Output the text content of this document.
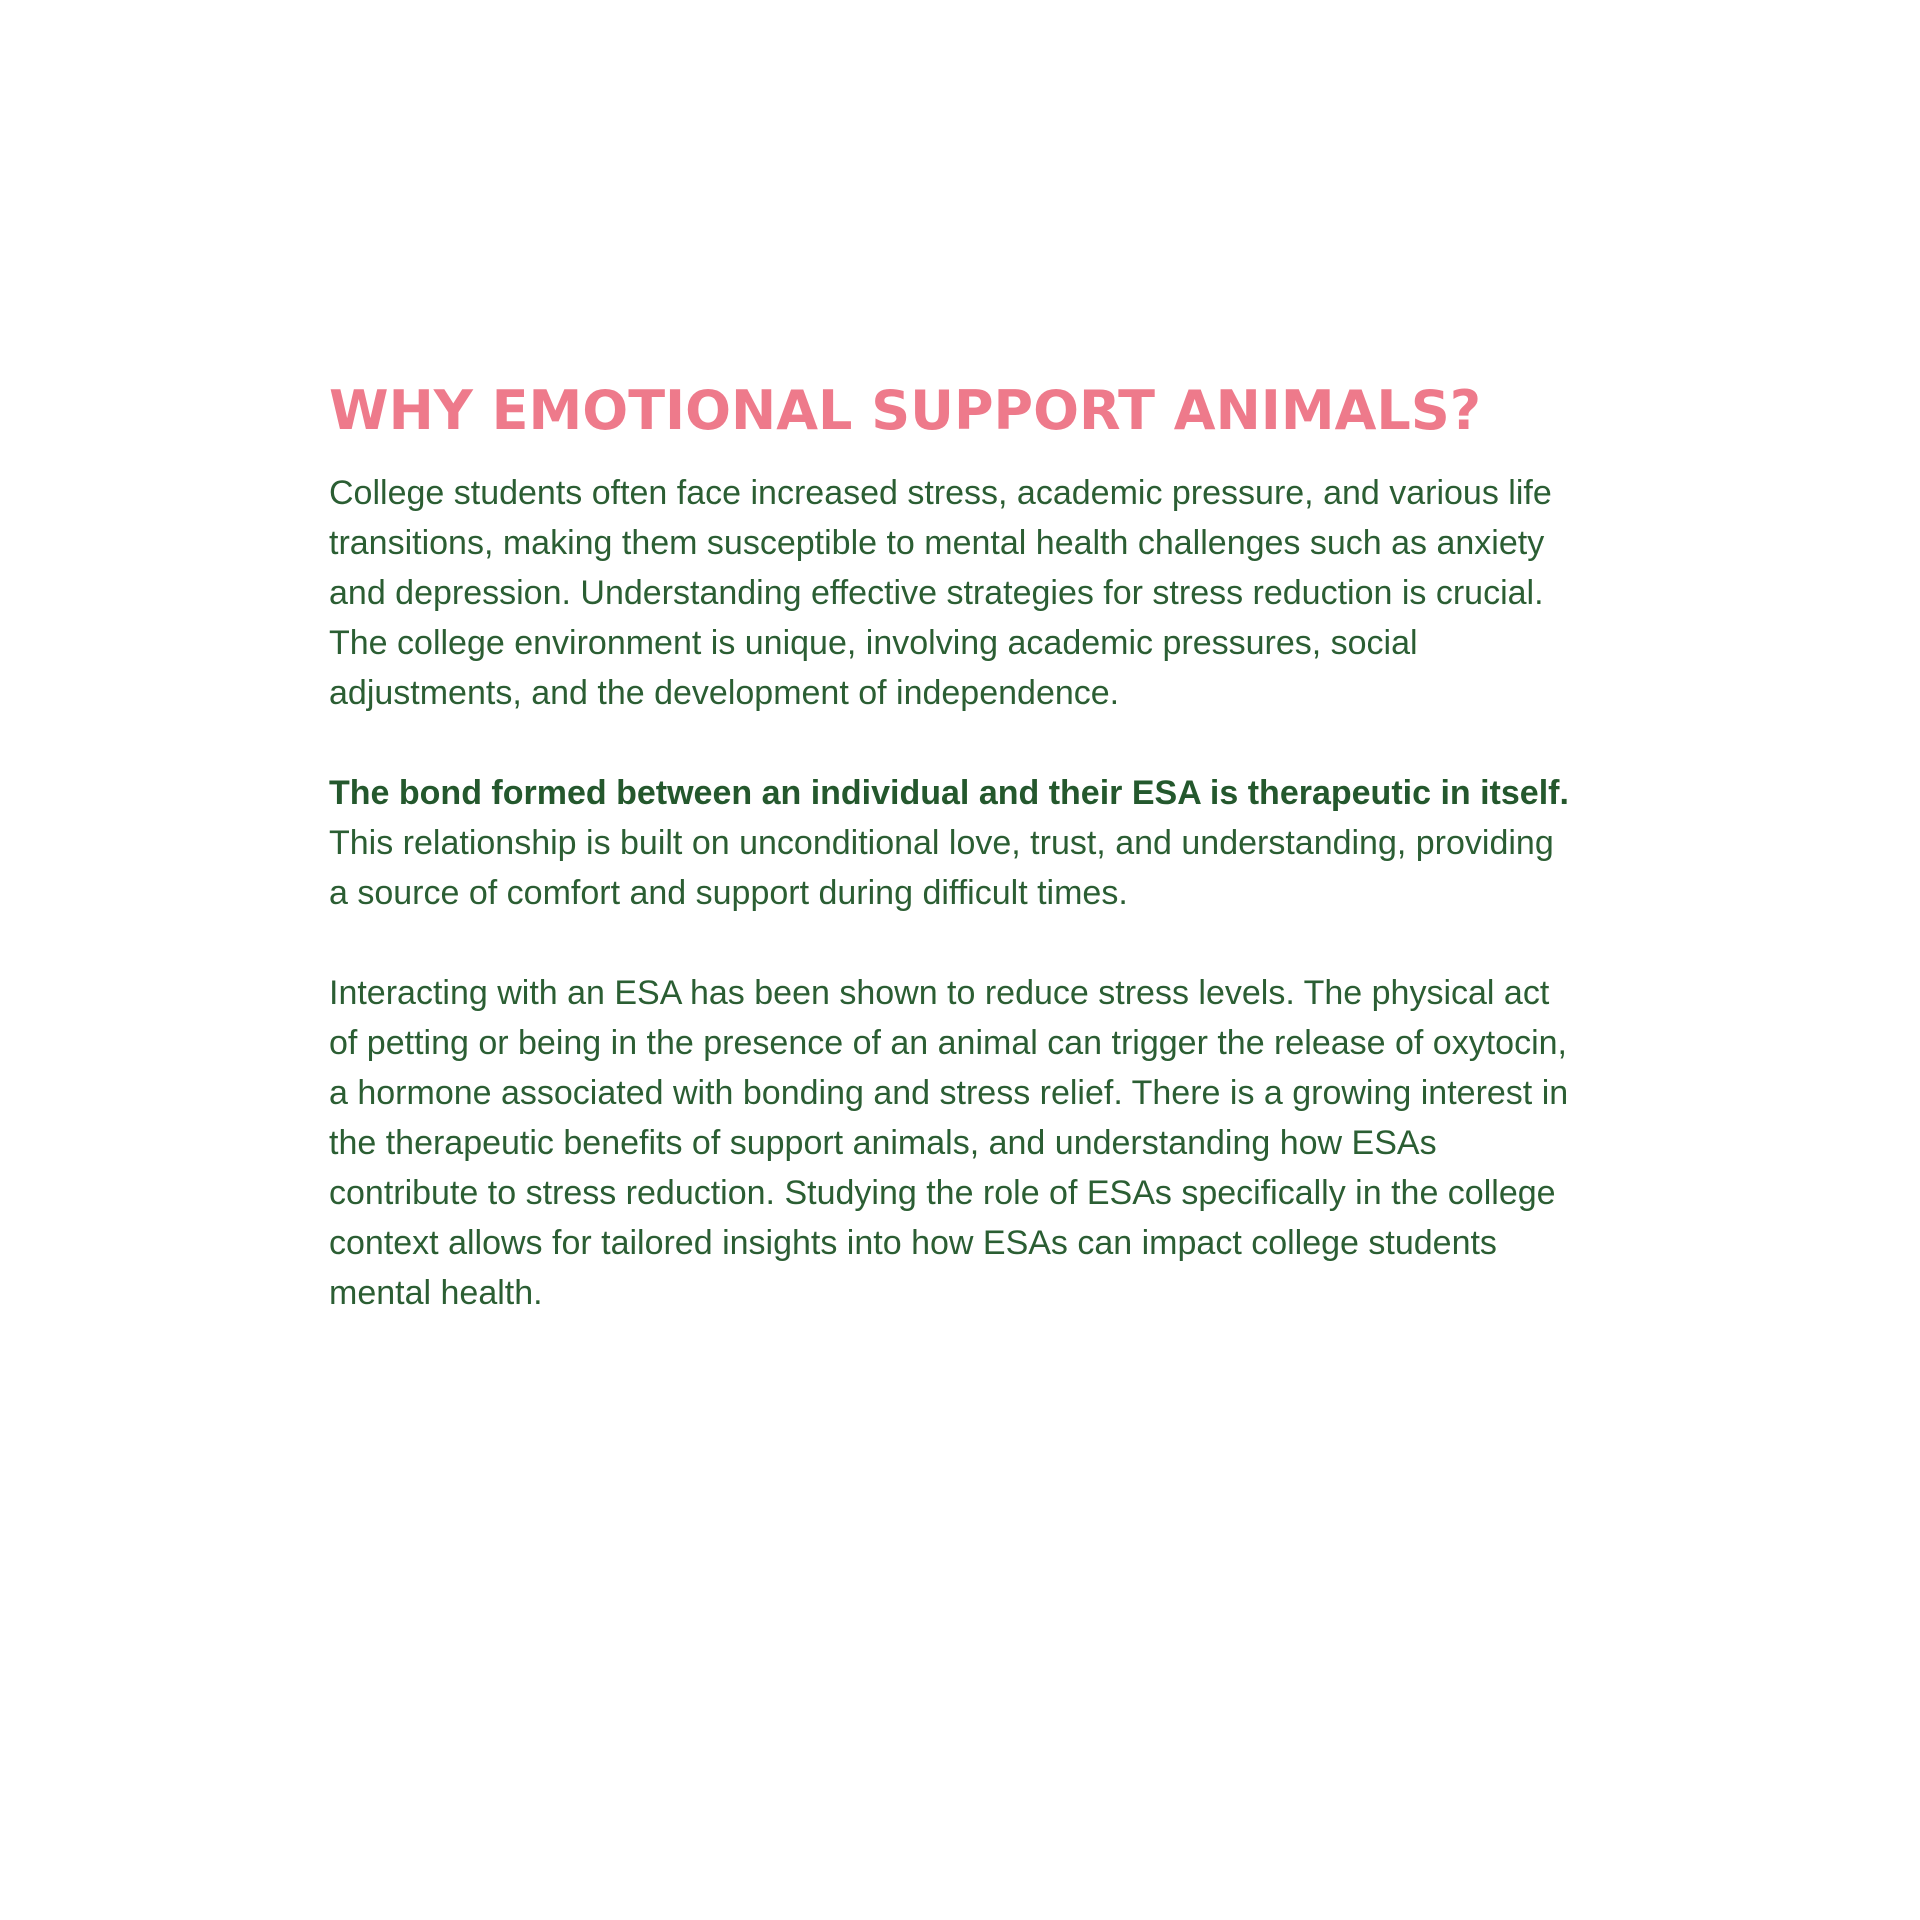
WHY EMOTIONAL SUPPORT ANIMALS?

College students often face increased stress, academic pressure, and various life transitions, making them susceptible to mental health challenges such as anxiety and depression. Understanding effective strategies for stress reduction is crucial. The college environment is unique, involving academic pressures, social adjustments, and the development of independence.

The bond formed between an individual and their ESA is therapeutic in itself. This relationship is built on unconditional love, trust, and understanding, providing a source of comfort and support during difficult times.

Interacting with an ESA has been shown to reduce stress levels. The physical act of petting or being in the presence of an animal can trigger the release of oxytocin, a hormone associated with bonding and stress relief. There is a growing interest in the therapeutic benefits of support animals, and understanding how ESAs contribute to stress reduction. Studying the role of ESAs specifically in the college context allows for tailored insights into how ESAs can impact college students mental health.
